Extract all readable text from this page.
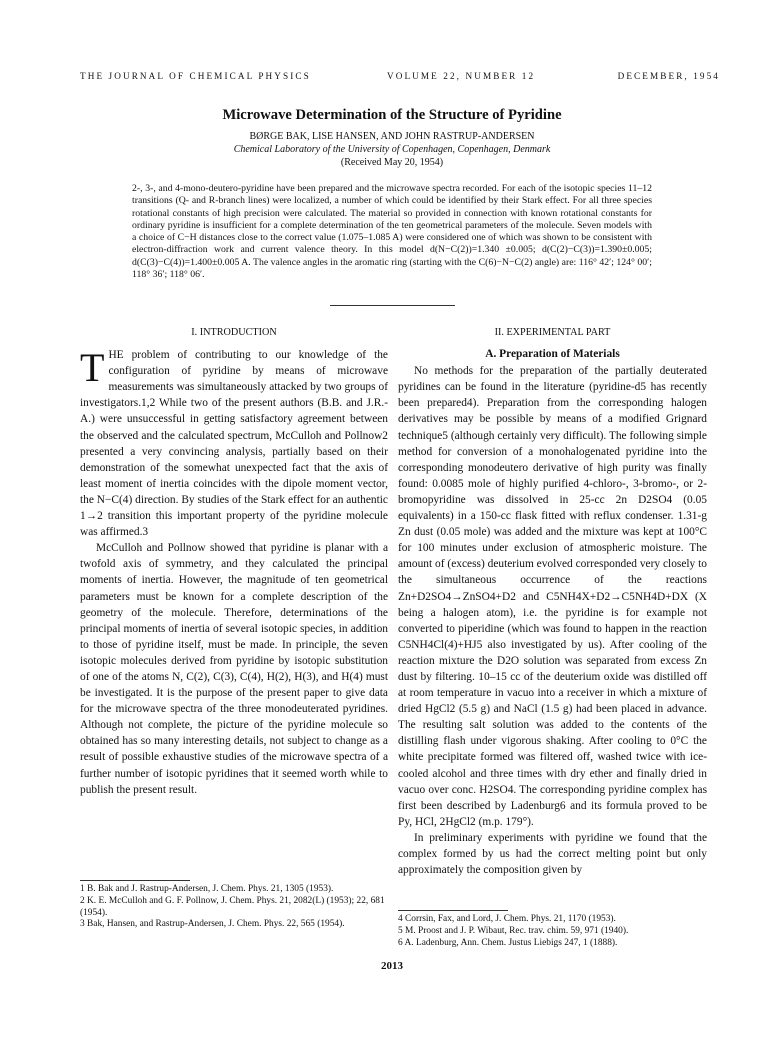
THE JOURNAL OF CHEMICAL PHYSICS	VOLUME 22, NUMBER 12	DECEMBER, 1954
Microwave Determination of the Structure of Pyridine
BØRGE BAK, LISE HANSEN, AND JOHN RASTRUP-ANDERSEN
Chemical Laboratory of the University of Copenhagen, Copenhagen, Denmark
(Received May 20, 1954)
2-, 3-, and 4-mono-deutero-pyridine have been prepared and the microwave spectra recorded. For each of the isotopic species 11–12 transitions (Q- and R-branch lines) were localized, a number of which could be identified by their Stark effect. For all three species rotational constants of high precision were calculated. The material so provided in connection with known rotational constants for ordinary pyridine is insufficient for a complete determination of the ten geometrical parameters of the molecule. Seven models with a choice of C−H distances close to the correct value (1.075–1.085 A) were considered one of which was shown to be consistent with electron-diffraction work and current valence theory. In this model d(N−C(2))=1.340 ±0.005; d(C(2)−C(3))=1.390±0.005; d(C(3)−C(4))=1.400±0.005 A. The valence angles in the aromatic ring (starting with the C(6)−N−C(2) angle) are: 116° 42′; 124° 00′; 118° 36′; 118° 06′.
I. INTRODUCTION

T HE problem of contributing to our knowledge of the configuration of pyridine by means of microwave measurements was simultaneously attacked by two groups of investigators.1,2 While two of the present authors (B.B. and J.R.-A.) were unsuccessful in getting satisfactory agreement between the observed and the calculated spectrum, McCulloh and Pollnow2 presented a very convincing analysis, partially based on their demonstration of the somewhat unexpected fact that the axis of least moment of inertia coincides with the dipole moment vector, the N−C(4) direction. By studies of the Stark effect for an authentic 1→2 transition this important property of the pyridine molecule was affirmed.3

McCulloh and Pollnow showed that pyridine is planar with a twofold axis of symmetry, and they calculated the principal moments of inertia. However, the magnitude of ten geometrical parameters must be known for a complete description of the geometry of the molecule. Therefore, determinations of the principal moments of inertia of several isotopic species, in addition to those of pyridine itself, must be made. In principle, the seven isotopic molecules derived from pyridine by isotopic substitution of one of the atoms N, C(2), C(3), C(4), H(2), H(3), and H(4) must be investigated. It is the purpose of the present paper to give data for the microwave spectra of the three monodeuterated pyridines. Although not complete, the picture of the pyridine molecule so obtained has so many interesting details, not subject to change as a result of possible exhaustive studies of the microwave spectra of a further number of isotopic pyridines that it seemed worth while to publish the present result.

II. EXPERIMENTAL PART
A. Preparation of Materials

No methods for the preparation of the partially deuterated pyridines can be found in the literature (pyridine-d5 has recently been prepared4). Preparation from the corresponding halogen derivatives may be possible by means of a modified Grignard technique5 (although certainly very difficult). The following simple method for conversion of a monohalogenated pyridine into the corresponding monodeutero derivative of high purity was finally found: 0.0085 mole of highly purified 4-chloro-, 3-bromo-, or 2-bromopyridine was dissolved in 25-cc 2n D2SO4 (0.05 equivalents) in a 150-cc flask fitted with reflux condenser. 1.31-g Zn dust (0.05 mole) was added and the mixture was kept at 100°C for 100 minutes under exclusion of atmospheric moisture. The amount of (excess) deuterium evolved corresponded very closely to the simultaneous occurrence of the reactions Zn+D2SO4→ZnSO4+D2 and C5NH4X+D2→C5NH4D+DX (X being a halogen atom), i.e. the pyridine is for example not converted to piperidine (which was found to happen in the reaction C5NH4Cl(4)+HJ5 also investigated by us). After cooling of the reaction mixture the D2O solution was separated from excess Zn dust by filtering. 10–15 cc of the deuterium oxide was distilled off at room temperature in vacuo into a receiver in which a mixture of dried HgCl2 (5.5 g) and NaCl (1.5 g) had been placed in advance. The resulting salt solution was added to the contents of the distilling flash under vigorous shaking. After cooling to 0°C the white precipitate formed was filtered off, washed twice with ice-cooled alcohol and three times with dry ether and finally dried in vacuo over conc. H2SO4. The corresponding pyridine complex has first been described by Ladenburg6 and its formula proved to be Py, HCl, 2HgCl2 (m.p. 179°).

In preliminary experiments with pyridine we found that the complex formed by us had the correct melting point but only approximately the composition given by

1 B. Bak and J. Rastrup-Andersen, J. Chem. Phys. 21, 1305 (1953).
2 K. E. McCulloh and G. F. Pollnow, J. Chem. Phys. 21, 2082(L) (1953); 22, 681 (1954).
3 Bak, Hansen, and Rastrup-Andersen, J. Chem. Phys. 22, 565 (1954).
4 Corrsin, Fax, and Lord, J. Chem. Phys. 21, 1170 (1953).
5 M. Proost and J. P. Wibaut, Rec. trav. chim. 59, 971 (1940).
6 A. Ladenburg, Ann. Chem. Justus Liebigs 247, 1 (1888).
2013
